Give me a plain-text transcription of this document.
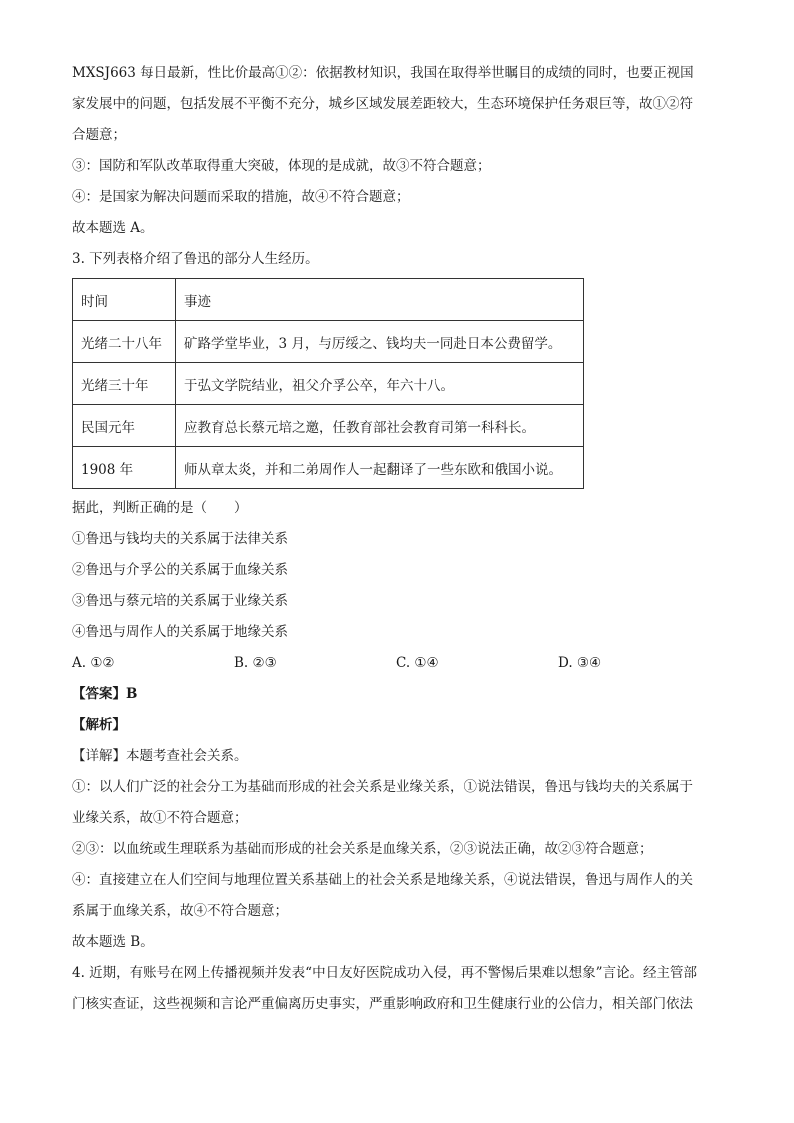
MXSJ663 每日最新，性比价最高①②：依据教材知识，我国在取得举世瞩目的成绩的同时，也要正视国
家发展中的问题，包括发展不平衡不充分，城乡区域发展差距较大，生态环境保护任务艰巨等，故①②符
合题意；
③：国防和军队改革取得重大突破，体现的是成就，故③不符合题意；
④：是国家为解决问题而采取的措施，故④不符合题意；
故本题选 A。
3. 下列表格介绍了鲁迅的部分人生经历。
时间	事迹
光绪二十八年	矿路学堂毕业，3 月，与厉绥之、钱均夫一同赴日本公费留学。
光绪三十年	于弘文学院结业，祖父介孚公卒，年六十八。
民国元年	应教育总长蔡元培之邀，任教育部社会教育司第一科科长。
1908 年	师从章太炎，并和二弟周作人一起翻译了一些东欧和俄国小说。
据此，判断正确的是（　　）
①鲁迅与钱均夫的关系属于法律关系
②鲁迅与介孚公的关系属于血缘关系
③鲁迅与蔡元培的关系属于业缘关系
④鲁迅与周作人的关系属于地缘关系
A. ①②	B. ②③	C. ①④	D. ③④
【答案】B
【解析】
【详解】本题考查社会关系。
①：以人们广泛的社会分工为基础而形成的社会关系是业缘关系，①说法错误，鲁迅与钱均夫的关系属于
业缘关系，故①不符合题意；
②③：以血统或生理联系为基础而形成的社会关系是血缘关系，②③说法正确，故②③符合题意；
④：直接建立在人们空间与地理位置关系基础上的社会关系是地缘关系，④说法错误，鲁迅与周作人的关
系属于血缘关系，故④不符合题意；
故本题选 B。
4. 近期，有账号在网上传播视频并发表“中日友好医院成功入侵，再不警惕后果难以想象”言论。经主管部
门核实查证，这些视频和言论严重偏离历史事实，严重影响政府和卫生健康行业的公信力，相关部门依法
